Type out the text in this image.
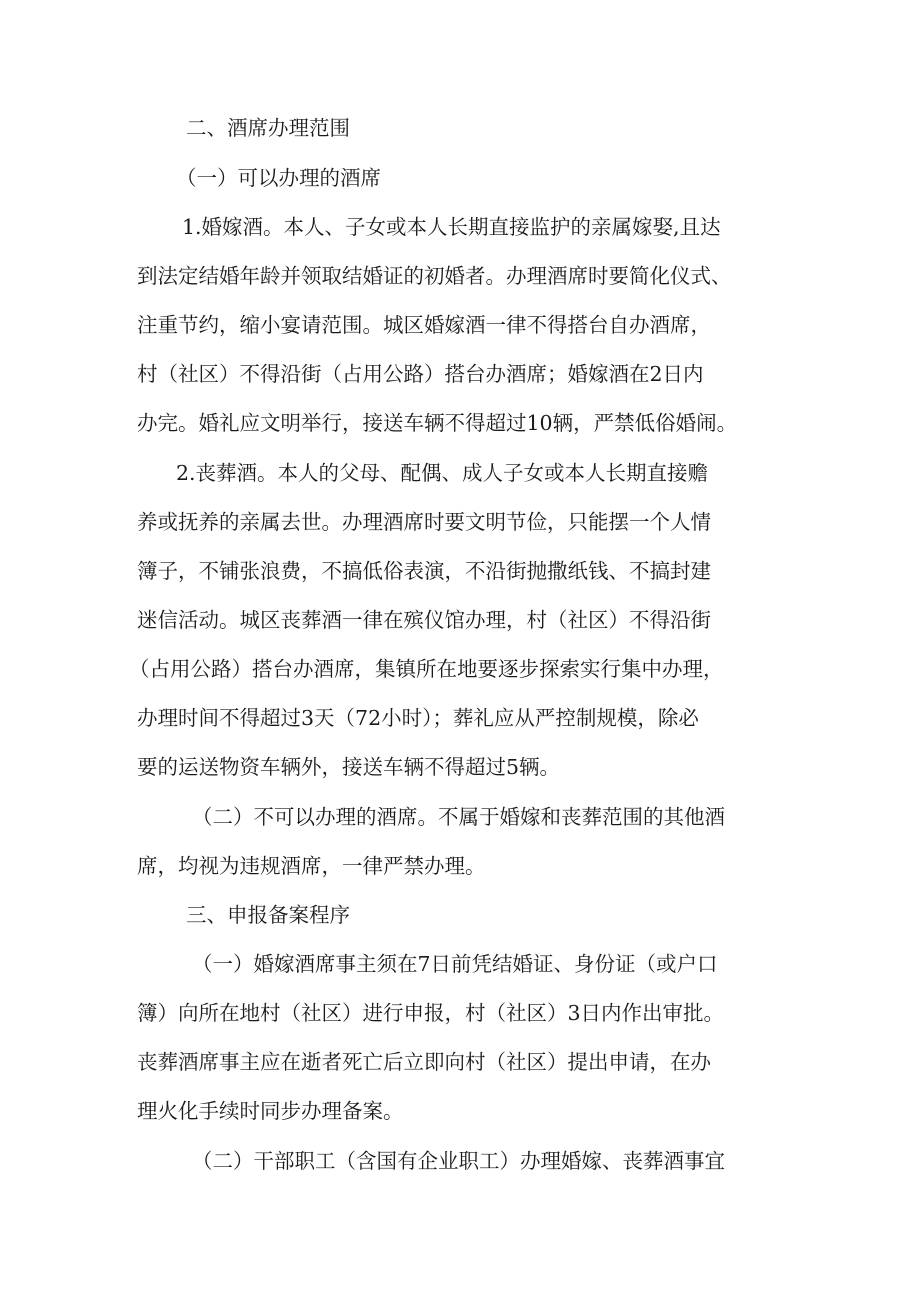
二、酒席办理范围
（一）可以办理的酒席
1.婚嫁酒。本人、子女或本人长期直接监护的亲属嫁娶,且达
到法定结婚年龄并领取结婚证的初婚者。办理酒席时要简化仪式、
注重节约，缩小宴请范围。城区婚嫁酒一律不得搭台自办酒席，
村（社区）不得沿街（占用公路）搭台办酒席；婚嫁酒在2日内
办完。婚礼应文明举行，接送车辆不得超过10辆，严禁低俗婚闹。
2.丧葬酒。本人的父母、配偶、成人子女或本人长期直接赡
养或抚养的亲属去世。办理酒席时要文明节俭，只能摆一个人情
簿子，不铺张浪费，不搞低俗表演，不沿街抛撒纸钱、不搞封建
迷信活动。城区丧葬酒一律在殡仪馆办理，村（社区）不得沿街
（占用公路）搭台办酒席，集镇所在地要逐步探索实行集中办理，
办理时间不得超过3天（72小时）；葬礼应从严控制规模，除必
要的运送物资车辆外，接送车辆不得超过5辆。
（二）不可以办理的酒席。不属于婚嫁和丧葬范围的其他酒
席，均视为违规酒席，一律严禁办理。
三、申报备案程序
（一）婚嫁酒席事主须在7日前凭结婚证、身份证（或户口
簿）向所在地村（社区）进行申报，村（社区）3日内作出审批。
丧葬酒席事主应在逝者死亡后立即向村（社区）提出申请，在办
理火化手续时同步办理备案。
（二）干部职工（含国有企业职工）办理婚嫁、丧葬酒事宜
